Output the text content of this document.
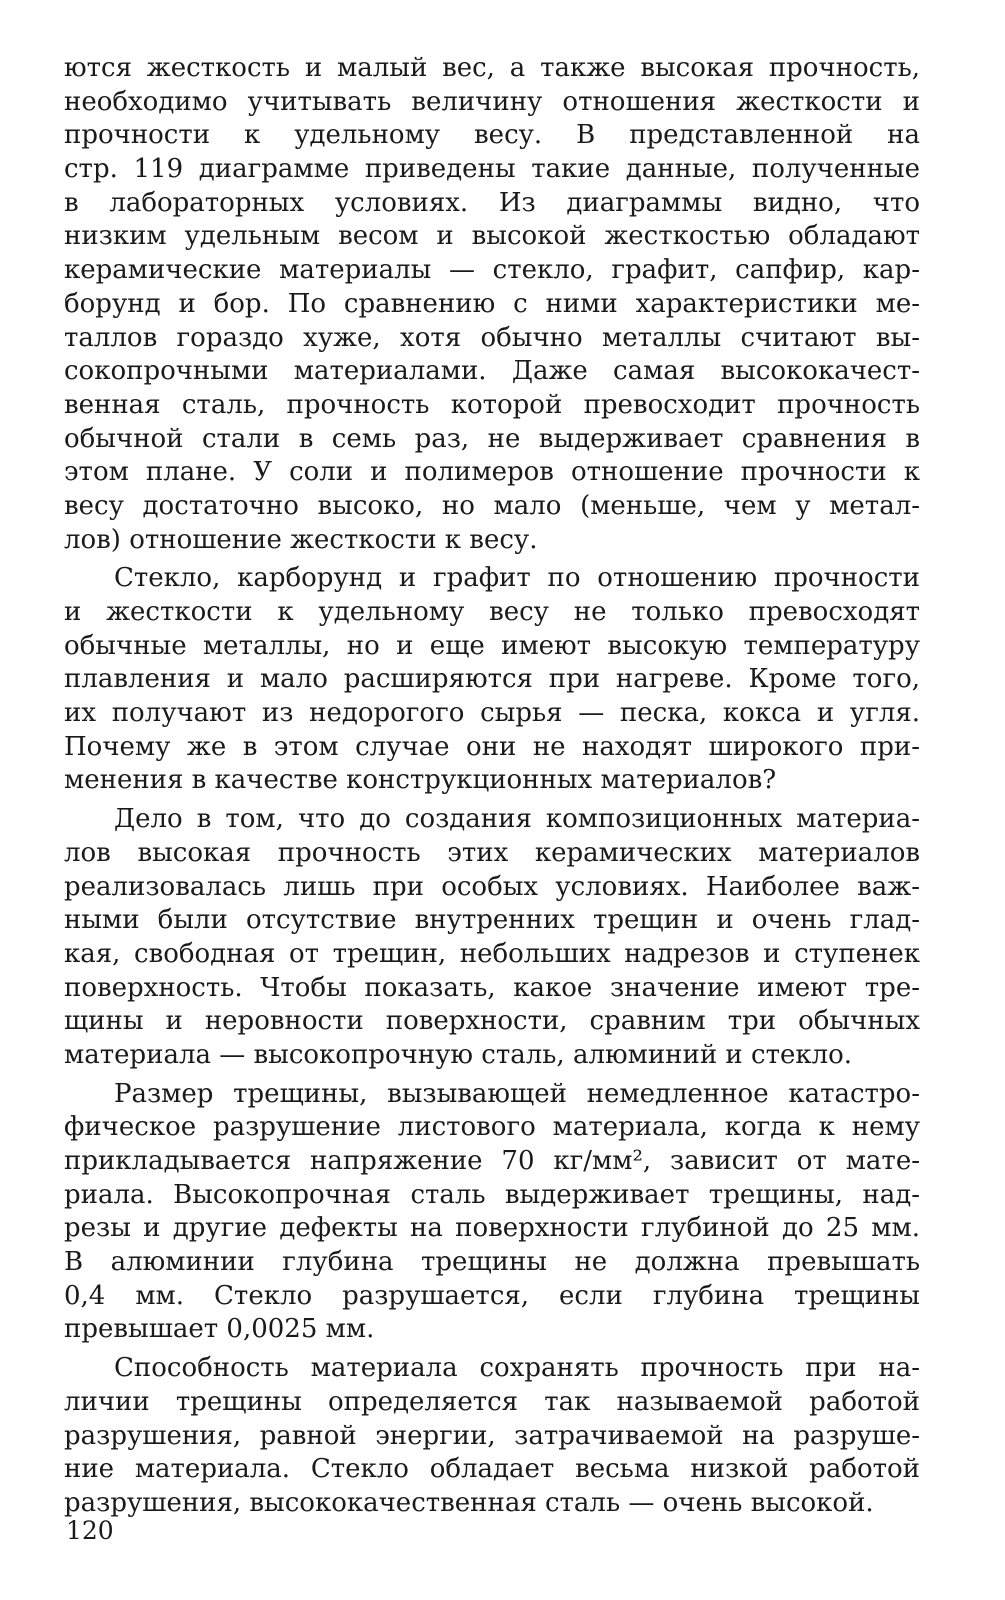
ются жесткость и малый вес, а также высокая прочность,
необходимо учитывать величину отношения жесткости и
прочности к удельному весу. В представленной на
стр. 119 диаграмме приведены такие данные, полученные
в лабораторных условиях. Из диаграммы видно, что
низким удельным весом и высокой жесткостью обладают
керамические материалы — стекло, графит, сапфир, кар-
борунд и бор. По сравнению с ними характеристики ме-
таллов гораздо хуже, хотя обычно металлы считают вы-
сокопрочными материалами. Даже самая высококачест-
венная сталь, прочность которой превосходит прочность
обычной стали в семь раз, не выдерживает сравнения в
этом плане. У соли и полимеров отношение прочности к
весу достаточно высоко, но мало (меньше, чем у метал-
лов) отношение жесткости к весу.
Стекло, карборунд и графит по отношению прочности
и жесткости к удельному весу не только превосходят
обычные металлы, но и еще имеют высокую температуру
плавления и мало расширяются при нагреве. Кроме того,
их получают из недорогого сырья — песка, кокса и угля.
Почему же в этом случае они не находят широкого при-
менения в качестве конструкционных материалов?
Дело в том, что до создания композиционных материа-
лов высокая прочность этих керамических материалов
реализовалась лишь при особых условиях. Наиболее важ-
ными были отсутствие внутренних трещин и очень глад-
кая, свободная от трещин, небольших надрезов и ступенек
поверхность. Чтобы показать, какое значение имеют тре-
щины и неровности поверхности, сравним три обычных
материала — высокопрочную сталь, алюминий и стекло.
Размер трещины, вызывающей немедленное катастро-
фическое разрушение листового материала, когда к нему
прикладывается напряжение 70 кг/мм², зависит от мате-
риала. Высокопрочная сталь выдерживает трещины, над-
резы и другие дефекты на поверхности глубиной до 25 мм.
В алюминии глубина трещины не должна превышать
0,4 мм. Стекло разрушается, если глубина трещины
превышает 0,0025 мм.
Способность материала сохранять прочность при на-
личии трещины определяется так называемой работой
разрушения, равной энергии, затрачиваемой на разруше-
ние материала. Стекло обладает весьма низкой работой
разрушения, высококачественная сталь — очень высокой.
120
